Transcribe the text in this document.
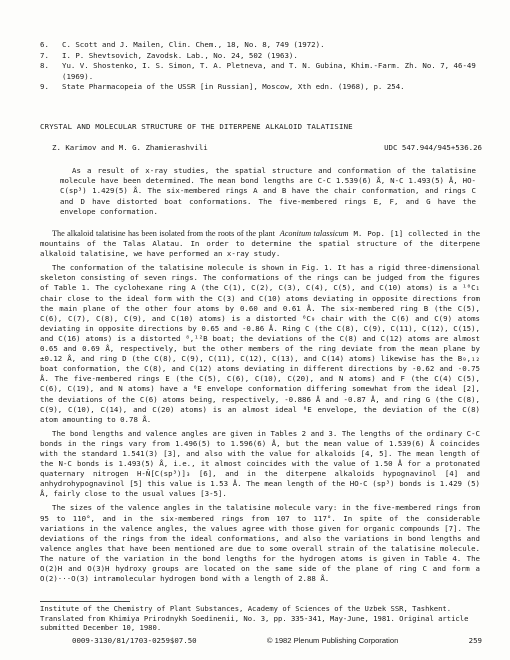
6.	C. Scott and J. Mailen, Clin. Chem., 18, No. 8, 749 (1972).
7.	I. P. Shevtsovich, Zavodsk. Lab., No. 24, 502 (1963).
8.	Yu. V. Shostenko, I. S. Simon, T. A. Pletneva, and T. N. Gubina, Khim.-Farm. Zh. No. 7, 46-49 (1969).
9.	State Pharmacopeia of the USSR [in Russian], Moscow, Xth edn. (1968), p. 254.
CRYSTAL AND MOLECULAR STRUCTURE OF THE DITERPENE ALKALOID TALATISINE
Z. Karimov and M. G. Zhamierashvili	UDC 547.944/945+536.26

As a result of x-ray studies, the spatial structure and conformation of the talatisine molecule have been determined. The mean bond lengths are C-C 1.539(6) Å, N-C 1.493(5) Å, HO-C(sp³) 1.429(5) Å. The six-membered rings A and B have the chair conformation, and rings C and D have distorted boat conformations. The five-membered rings E, F, and G have the envelope conformation.

The alkaloid talatisine has been isolated from the roots of the plant Aconitum talassicum M. Pop. [1] collected in the mountains of the Talas Alatau. In order to determine the spatial structure of the diterpene alkaloid talatisine, we have performed an x-ray study.

The conformation of the talatisine molecule is shown in Fig. 1. It has a rigid three-dimensional skeleton consisting of seven rings. The conformations of the rings can be judged from the figures of Table 1. The cyclohexane ring A (the C(1), C(2), C(3), C(4), C(5), and C(10) atoms) is a ¹⁰C₁ chair close to the ideal form with the C(3) and C(10) atoms deviating in opposite directions from the main plane of the other four atoms by 0.60 and 0.61 Å. The six-membered ring B (the C(5), C(6), C(7), C(8), C(9), and C(10) atoms) is a distorted ⁶C₉ chair with the C(6) and C(9) atoms deviating in opposite directions by 0.65 and -0.86 Å. Ring C (the C(8), C(9), C(11), C(12), C(15), and C(16) atoms) is a distorted ⁸,¹²B boat; the deviations of the C(8) and C(12) atoms are almost 0.65 and 0.69 Å, respectively, but the other members of the ring deviate from the mean plane by ±0.12 Å, and ring D (the C(8), C(9), C(11), C(12), C(13), and C(14) atoms) likewise has the B₉,₁₂ boat conformation, the C(8), and C(12) atoms deviating in different directions by -0.62 and -0.75 Å. The five-membered rings E (the C(5), C(6), C(10), C(20), and N atoms) and F (the C(4) C(5), C(6), C(19), and N atoms) have a ⁶E envelope conformation differing somewhat from the ideal [2], the deviations of the C(6) atoms being, respectively, -0.886 Å and -0.87 Å, and ring G (the C(8), C(9), C(10), C(14), and C(20) atoms) is an almost ideal ⁸E envelope, the deviation of the C(8) atom amounting to 0.78 Å.

The bond lengths and valence angles are given in Tables 2 and 3. The lengths of the ordinary C-C bonds in the rings vary from 1.496(5) to 1.596(6) Å, but the mean value of 1.539(6) Å coincides with the standard 1.541(3) [3], and also with the value for alkaloids [4, 5]. The mean length of the N-C bonds is 1.493(5) Å, i.e., it almost coincides with the value of 1.50 Å for a protonated quaternary nitrogen H-N̄[C(sp³)]₃ [6], and in the diterpene alkaloids hypognavinol [4] and anhydrohypognavinol [5] this value is 1.53 Å. The mean length of the HO-C (sp³) bonds is 1.429 (5) Å, fairly close to the usual values [3-5].

The sizes of the valence angles in the talatisine molecule vary: in the five-membered rings from 95 to 110°, and in the six-membered rings from 107 to 117°. In spite of the considerable variations in the valence angles, the values agree with those given for organic compounds [7]. The deviations of the rings from the ideal conformations, and also the variations in bond lengths and valence angles that have been mentioned are due to some overall strain of the talatisine molecule. The nature of the variation in the bond lengths for the hydrogen atoms is given in Table 4. The O(2)H and O(3)H hydroxy groups are located on the same side of the plane of ring C and form a O(2)···O(3) intramolecular hydrogen bond with a length of 2.88 Å.

Institute of the Chemistry of Plant Substances, Academy of Sciences of the Uzbek SSR, Tashkent. Translated from Khimiya Prirodnykh Soedinenii, No. 3, pp. 335-341, May-June, 1981. Original article submitted December 10, 1980.

0009-3130/81/1703-0259$07.50	© 1982 Plenum Publishing Corporation	259
